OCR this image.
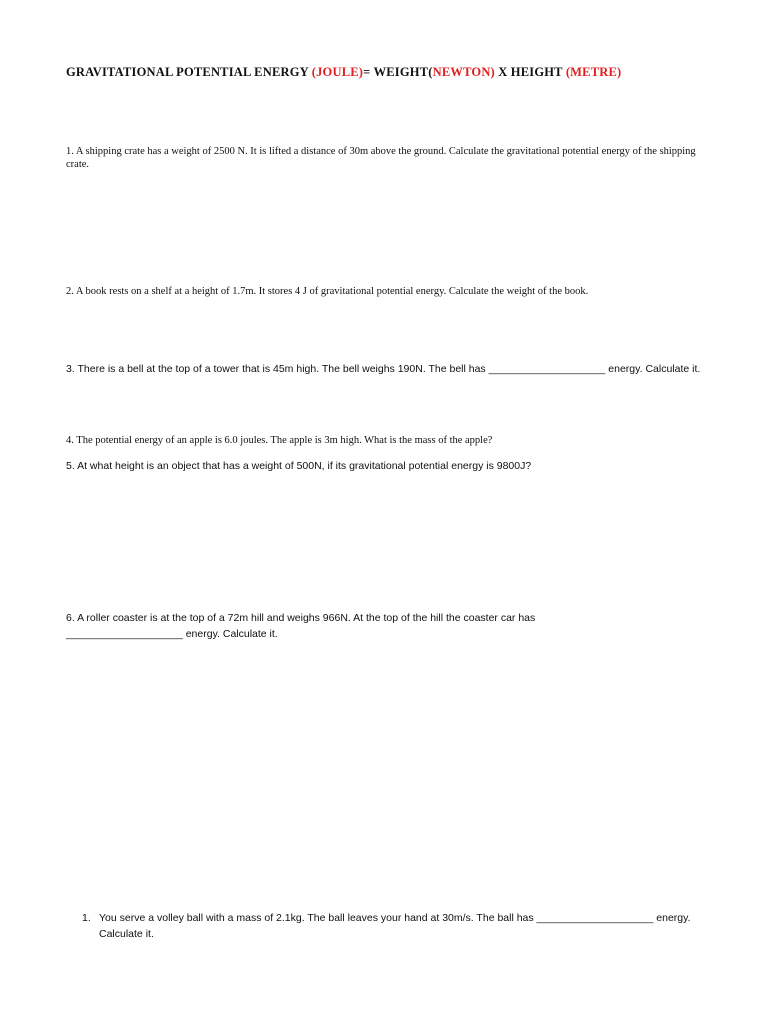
GRAVITATIONAL POTENTIAL ENERGY (JOULE)= WEIGHT(NEWTON) X HEIGHT (METRE)
1. A shipping crate has a weight of 2500 N. It is lifted a distance of 30m above the ground. Calculate the gravitational potential energy of the shipping crate.
2. A book rests on a shelf at a height of 1.7m. It stores 4 J of gravitational potential energy. Calculate the weight of the book.
3. There is a bell at the top of a tower that is 45m high. The bell weighs 190N. The bell has ____________________ energy. Calculate it.
4. The potential energy of an apple is 6.0 joules. The apple is 3m high. What is the mass of the apple?
5. At what height is an object that has a weight of 500N, if its gravitational potential energy is 9800J?
6. A roller coaster is at the top of a 72m hill and weighs 966N. At the top of the hill the coaster car has ____________________ energy. Calculate it.
1. You serve a volley ball with a mass of 2.1kg. The ball leaves your hand at 30m/s. The ball has ____________________ energy. Calculate it.
